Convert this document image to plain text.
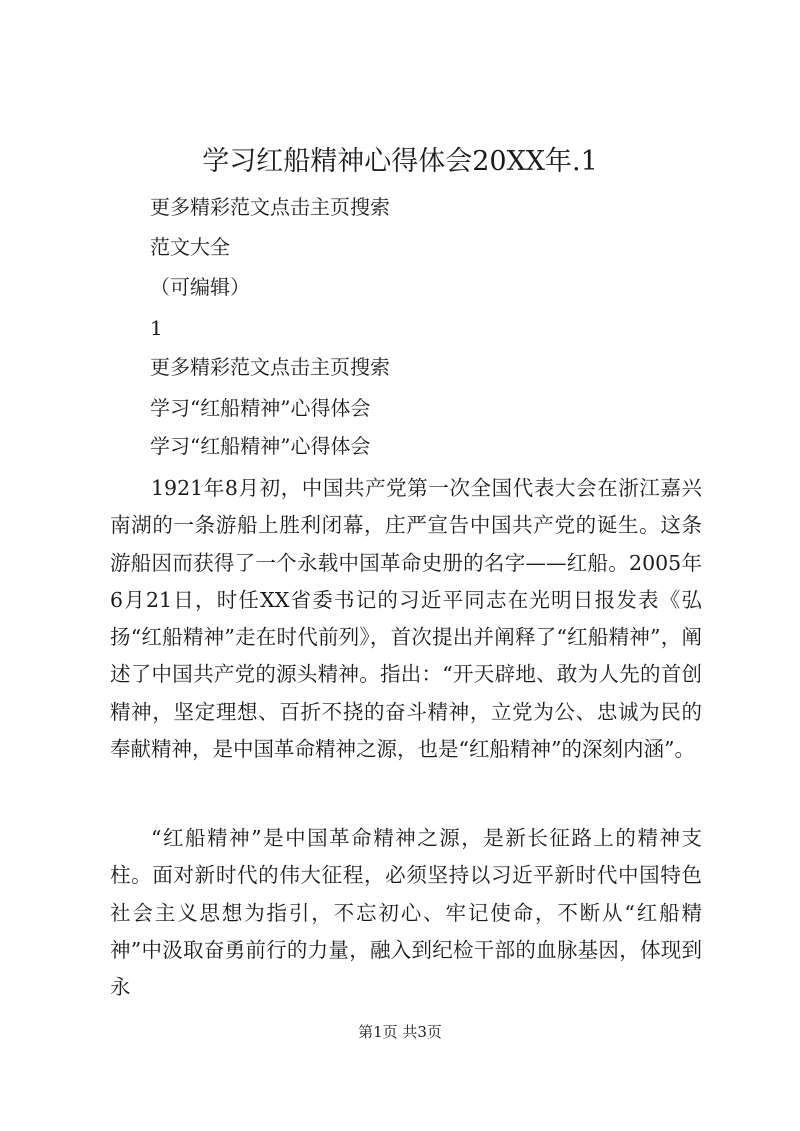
学习红船精神心得体会20XX年.1

更多精彩范文点击主页搜索

范文大全

（可编辑）

1

更多精彩范文点击主页搜索

学习“红船精神”心得体会

学习“红船精神”心得体会

1921年8月初，中国共产党第一次全国代表大会在浙江嘉兴南湖的一条游船上胜利闭幕，庄严宣告中国共产党的诞生。这条游船因而获得了一个永载中国革命史册的名字——红船。2005年6月21日，时任XX省委书记的习近平同志在光明日报发表《弘扬“红船精神”走在时代前列》，首次提出并阐释了“红船精神”，阐述了中国共产党的源头精神。指出：“开天辟地、敢为人先的首创精神，坚定理想、百折不挠的奋斗精神，立党为公、忠诚为民的奉献精神，是中国革命精神之源，也是“红船精神”的深刻内涵”。

“红船精神”是中国革命精神之源，是新长征路上的精神支柱。面对新时代的伟大征程，必须坚持以习近平新时代中国特色社会主义思想为指引，不忘初心、牢记使命，不断从“红船精神”中汲取奋勇前行的力量，融入到纪检干部的血脉基因，体现到永

第1页 共3页
